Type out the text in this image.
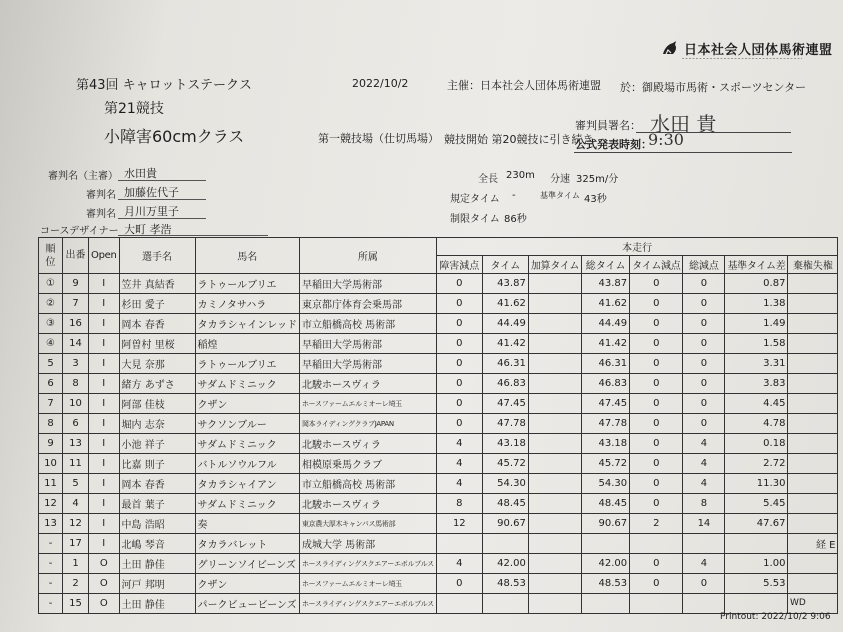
日本社会人団体馬術連盟
第43回 キャロットステークス	2022/10/2	主催：日本社会人団体馬術連盟 於：御殿場市馬術・スポーツセンター
第21競技
小障害60cmクラス	第一競技場（仕切馬場） 競技開始 第20競技に引き続き
審判員署名： 水田 貴
公式発表時刻：
9:30
審判名（主審） 水田貴
審判名 加藤佐代子
審判名 月川万里子
コースデザイナー 大町 孝浩
全長 230m 分速 325m/分
規定タイム -	基準タイム 43秒
制限タイム 86秒
順位	出番	Open	選手名	馬名	所属	本走行							
						障害減点	タイム	加算タイム	総タイム	タイム減点	総減点	基準タイム差	棄権失権
①	9	Ⅰ	笠井 真結香	ラトゥールブリエ	早稲田大学馬術部	0	43.87		43.87	0	0	0.87	
②	7	Ⅰ	杉田 愛子	カミノタサハラ	東京都庁体育会乗馬部	0	41.62		41.62	0	0	1.38	
③	16	Ⅰ	岡本 春香	タカラシャインレッド	市立船橋高校 馬術部	0	44.49		44.49	0	0	1.49	
④	14	Ⅰ	阿曽村 里桜	稲煌	早稲田大学馬術部	0	41.42		41.42	0	0	1.58	
5	3	Ⅰ	大見 奈那	ラトゥールブリエ	早稲田大学馬術部	0	46.31		46.31	0	0	3.31	
6	8	Ⅰ	緒方 あずさ	サダムドミニック	北駿ホースヴィラ	0	46.83		46.83	0	0	3.83	
7	10	Ⅰ	阿部 佳枝	クザン	ホースファームエルミオーレ埼玉	0	47.45		47.45	0	0	4.45	
8	6	Ⅰ	堀内 志奈	サクソンブルー	岡本ライディングクラブJAPAN	0	47.78		47.78	0	0	4.78	
9	13	Ⅰ	小池 祥子	サダムドミニック	北駿ホースヴィラ	4	43.18		43.18	0	4	0.18	
10	11	Ⅰ	比嘉 則子	バトルソウルフル	相模原乗馬クラブ	4	45.72		45.72	0	4	2.72	
11	5	Ⅰ	岡本 春香	タカラシャイアン	市立船橋高校 馬術部	4	54.30		54.30	0	4	11.30	
12	4	Ⅰ	最首 葉子	サダムドミニック	北駿ホースヴィラ	8	48.45		48.45	0	8	5.45	
13	12	Ⅰ	中島 浩昭	奏	東京農大厚木キャンパス馬術部	12	90.67		90.67	2	14	47.67	
-	17	Ⅰ	北嶋 琴音	タカラバレット	成城大学 馬術部								経 E
-	1	O	土田 静佳	グリーンソイビーンズ	ホースライディングスクエアーエボルブルス	4	42.00		42.00	0	4	1.00	
-	2	O	河戸 邦明	クザン	ホースファームエルミオーレ埼玉	0	48.53		48.53	0	0	5.53	
-	15	O	土田 静佳	パークビュービーンズ	ホースライディングスクエアーエボルブルス									WD
Printout: 2022/10/2 9:06
